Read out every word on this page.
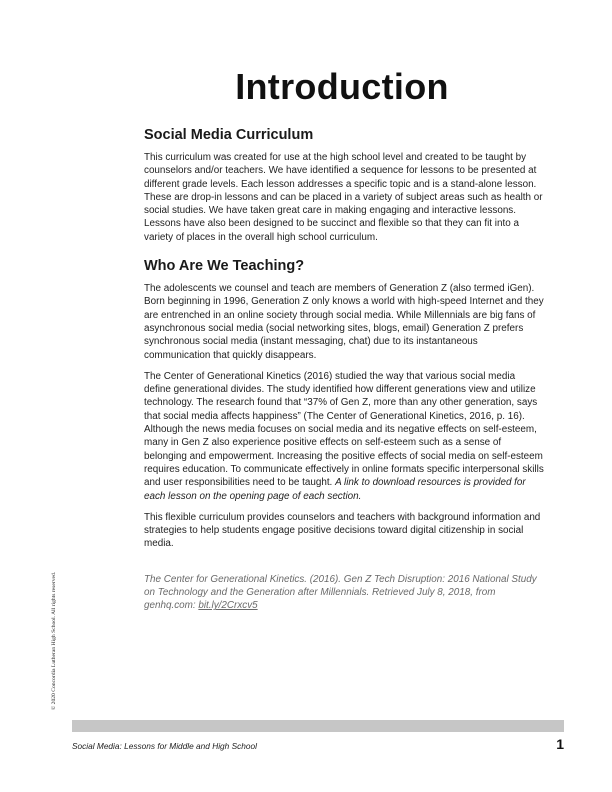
Introduction
Social Media Curriculum

This curriculum was created for use at the high school level and created to be taught by counselors and/or teachers. We have identified a sequence for lessons to be presented at different grade levels. Each lesson addresses a specific topic and is a stand-alone lesson. These are drop-in lessons and can be placed in a variety of subject areas such as health or social studies. We have taken great care in making engaging and interactive lessons. Lessons have also been designed to be succinct and flexible so that they can fit into a variety of places in the overall high school curriculum.

Who Are We Teaching?

The adolescents we counsel and teach are members of Generation Z (also termed iGen). Born beginning in 1996, Generation Z only knows a world with high-speed Internet and they are entrenched in an online society through social media. While Millennials are big fans of asynchronous social media (social networking sites, blogs, email) Generation Z prefers synchronous social media (instant messaging, chat) due to its instantaneous communication that quickly disappears.

The Center of Generational Kinetics (2016) studied the way that various social media define generational divides. The study identified how different generations view and utilize technology. The research found that “37% of Gen Z, more than any other generation, says that social media affects happiness” (The Center of Generational Kinetics, 2016, p. 16). Although the news media focuses on social media and its negative effects on self-esteem, many in Gen Z also experience positive effects on self-esteem such as a sense of belonging and empowerment. Increasing the positive effects of social media on self-esteem requires education. To communicate effectively in online formats specific interpersonal skills and user responsibilities need to be taught. A link to download resources is provided for each lesson on the opening page of each section.

This flexible curriculum provides counselors and teachers with background information and strategies to help students engage positive decisions toward digital citizenship in social media.

The Center for Generational Kinetics. (2016). Gen Z Tech Disruption: 2016 National Study on Technology and the Generation after Millennials. Retrieved July 8, 2018, from genhq.com: bit.ly/2Crxcv5
© 2020 Concordia Lutheran High School. All rights reserved.
Social Media: Lessons for Middle and High School	1
